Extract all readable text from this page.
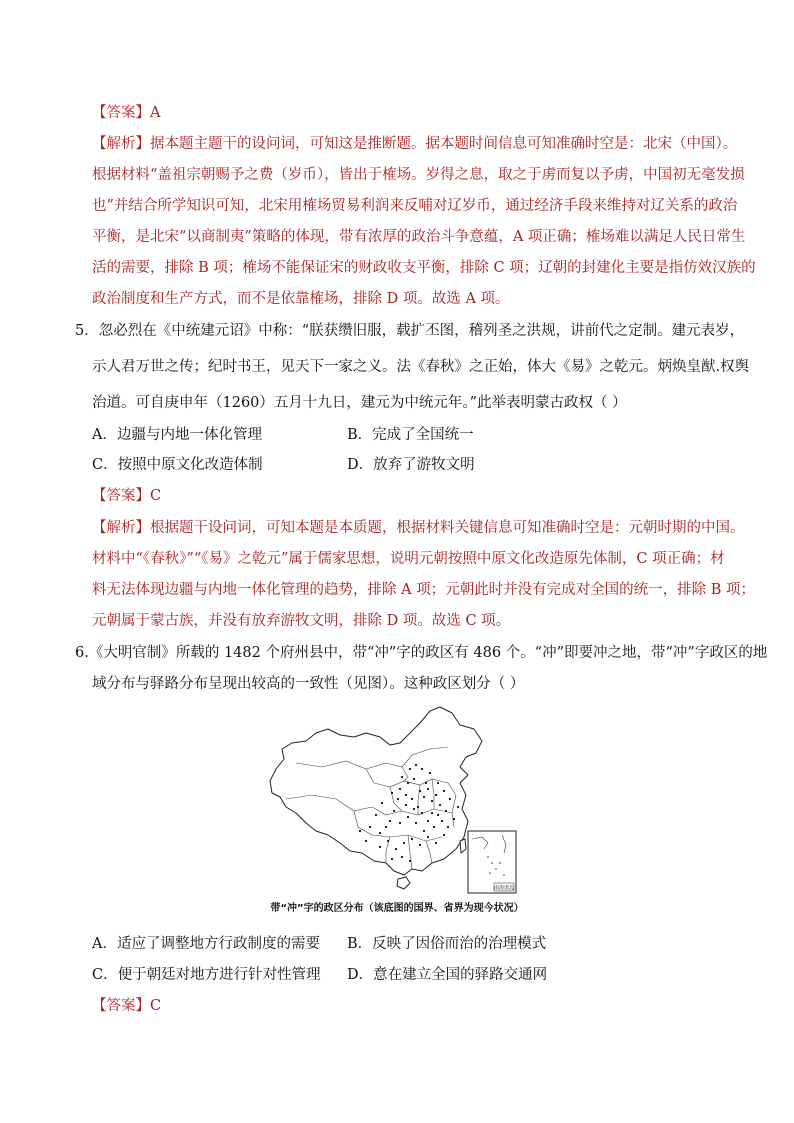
【答案】A
【解析】据本题主题干的设问词，可知这是推断题。据本题时间信息可知准确时空是：北宋（中国）。
根据材料“盖祖宗朝赐予之费（岁币），皆出于榷场。岁得之息，取之于虏而复以予虏，中国初无毫发损
也”并结合所学知识可知，北宋用榷场贸易利润来反哺对辽岁币，通过经济手段来维持对辽关系的政治
平衡，是北宋“以商制夷”策略的体现，带有浓厚的政治斗争意蕴，A 项正确；榷场难以满足人民日常生
活的需要，排除 B 项；榷场不能保证宋的财政收支平衡，排除 C 项；辽朝的封建化主要是指仿效汉族的
政治制度和生产方式，而不是依靠榷场，排除 D 项。故选 A 项。
5．忽必烈在《中统建元诏》中称：“朕获缵旧服，载扩丕图，稽列圣之洪规，讲前代之定制。建元表岁，
示人君万世之传；纪时书王，见天下一家之义。法《春秋》之正始，体大《易》之乾元。炳焕皇猷.权舆
治道。可自庚申年（1260）五月十九日，建元为中统元年。”此举表明蒙古政权（ ）
A．边疆与内地一体化管理	B．完成了全国统一
C．按照中原文化改造体制	D．放弃了游牧文明
【答案】C
【解析】根据题干设问词，可知本题是本质题，根据材料关键信息可知准确时空是：元朝时期的中国。
材料中“《春秋》”“《易》之乾元”属于儒家思想，说明元朝按照中原文化改造原先体制，C 项正确；材
料无法体现边疆与内地一体化管理的趋势，排除 A 项；元朝此时并没有完成对全国的统一，排除 B 项；
元朝属于蒙古族，并没有放弃游牧文明，排除 D 项。故选 C 项。
6.《大明官制》所载的 1482 个府州县中，带“冲”字的政区有 486 个。“冲”即要冲之地，带“冲”字政区的地
域分布与驿路分布呈现出较高的一致性（见图）。这种政区划分（ ）
南海诸岛
带“冲”字的政区分布（该底图的国界、省界为现今状况）
A．适应了调整地方行政制度的需要 B．反映了因俗而治的治理模式
C．便于朝廷对地方进行针对性管理 D．意在建立全国的驿路交通网
【答案】C
